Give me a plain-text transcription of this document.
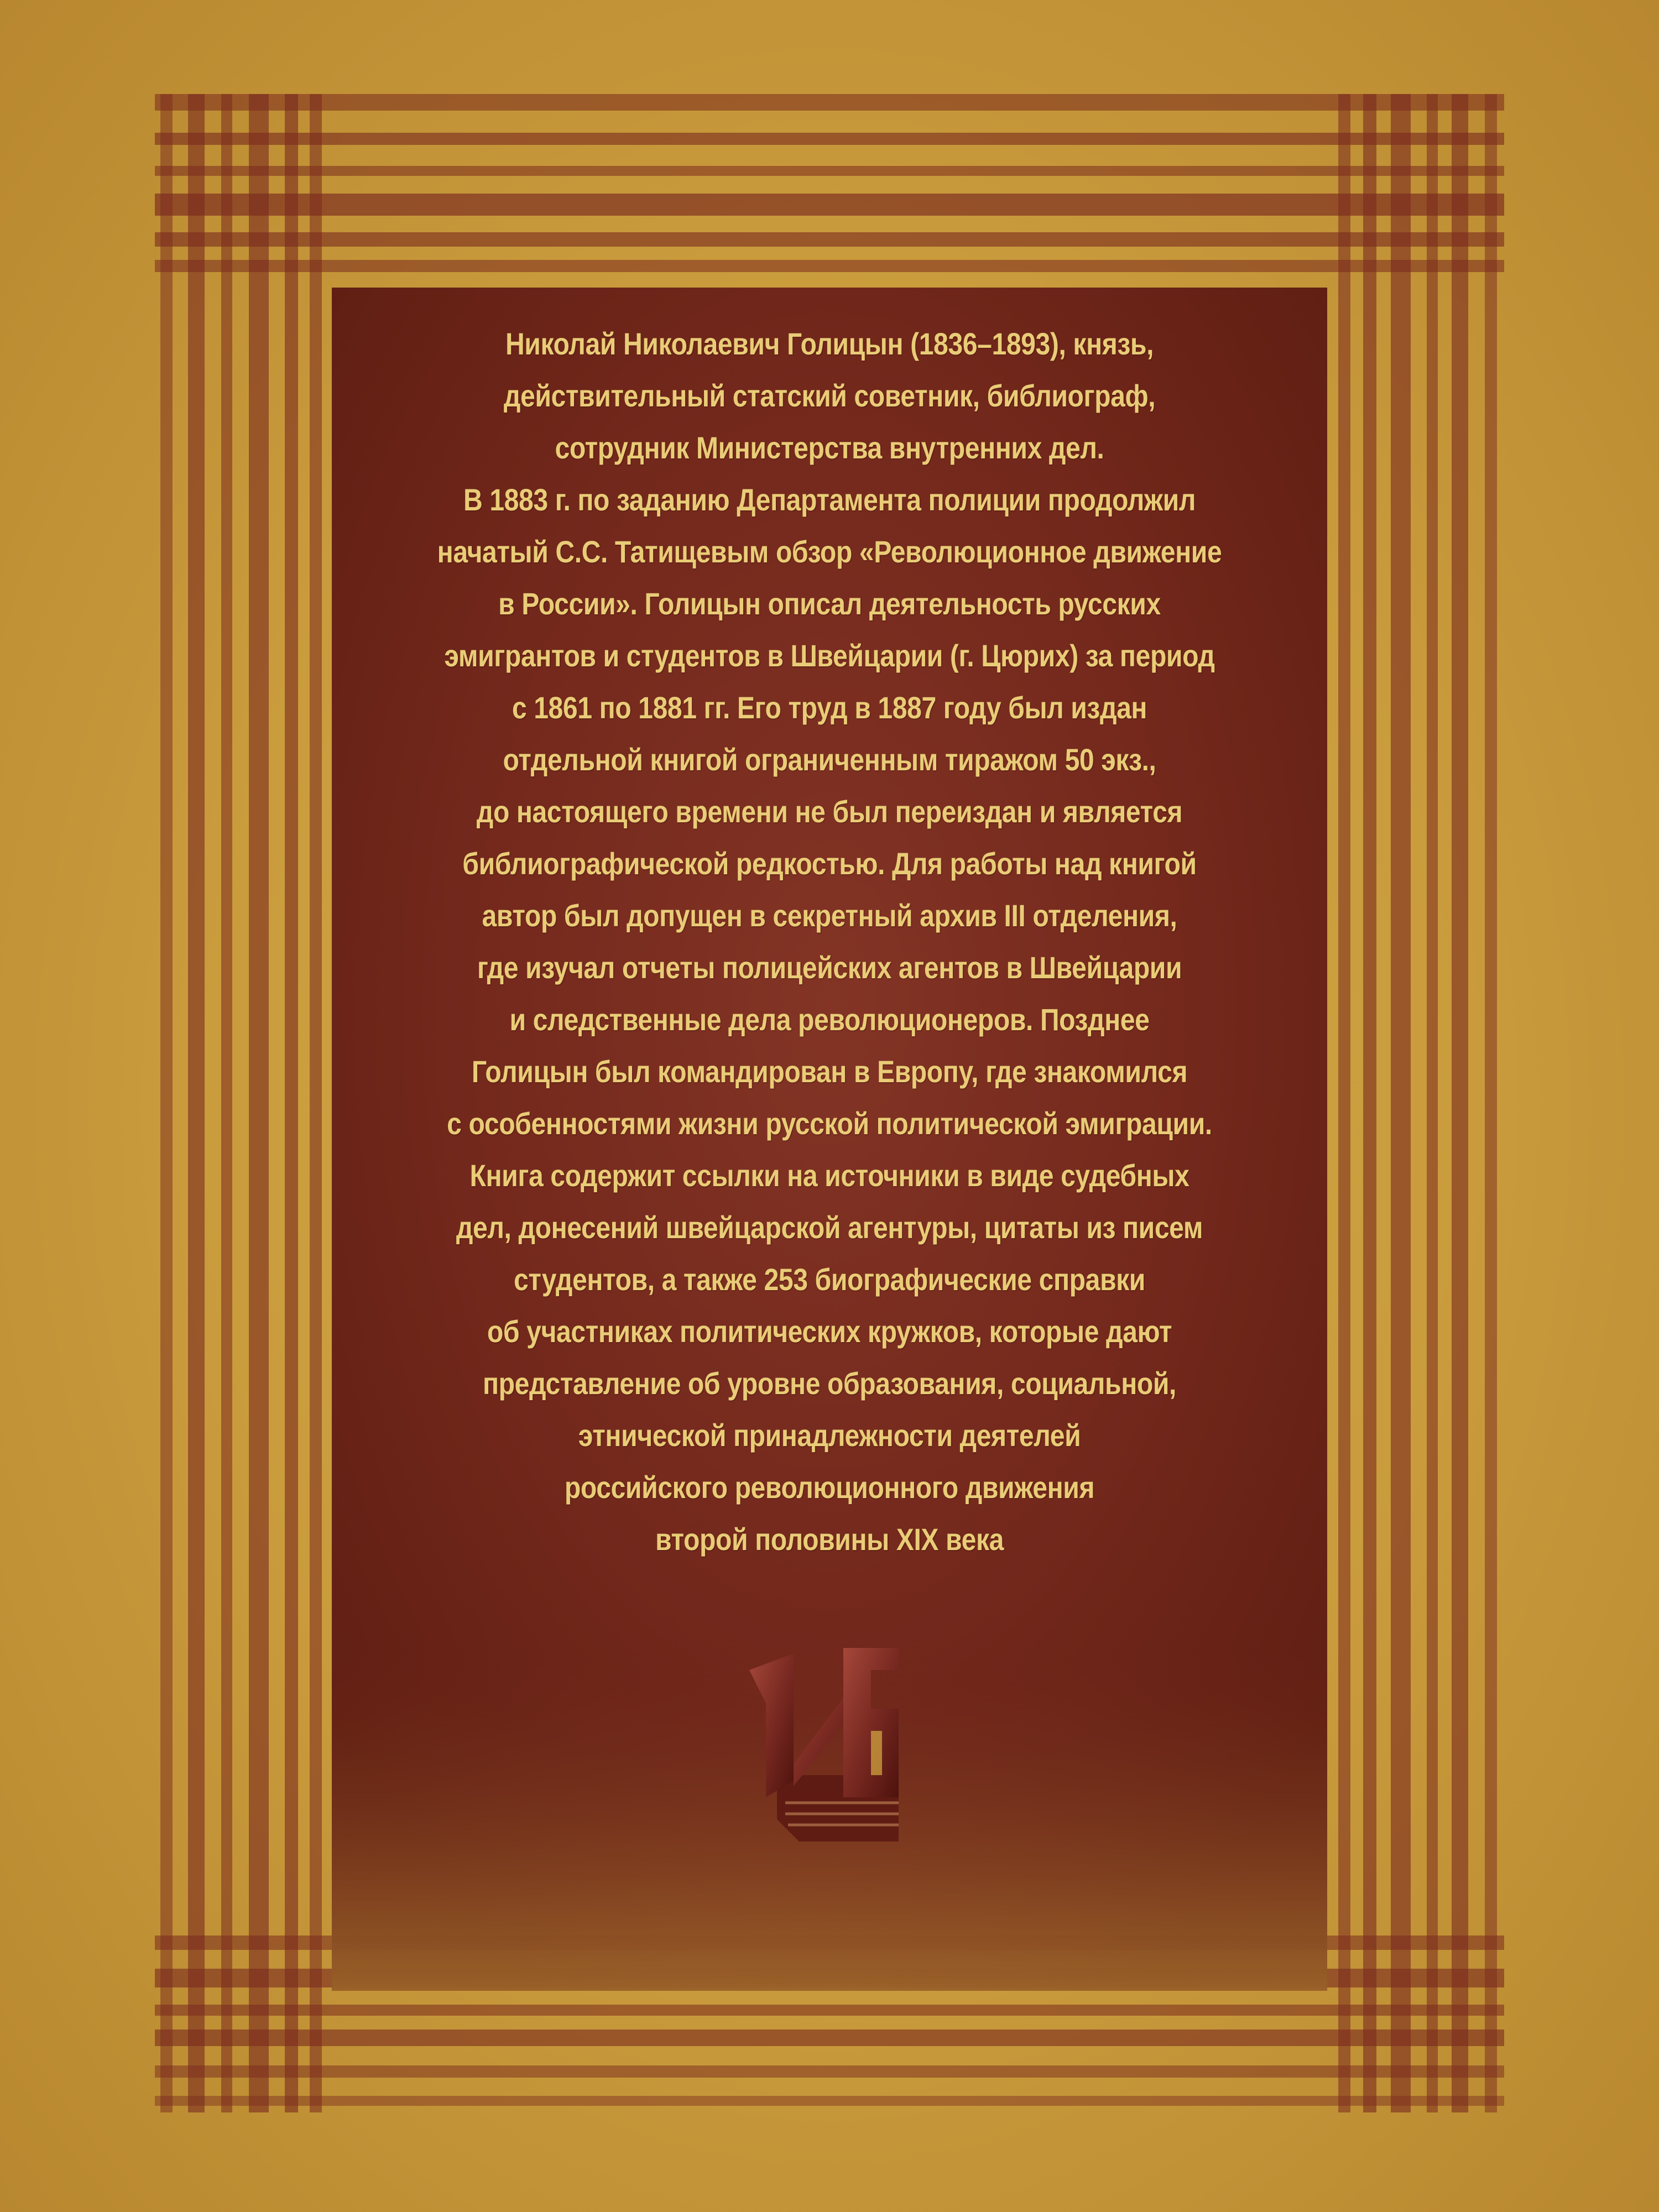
Николай Николаевич Голицын (1836–1893), князь,
действительный статский советник, библиограф,
сотрудник Министерства внутренних дел.
В 1883 г. по заданию Департамента полиции продолжил
начатый С.С. Татищевым обзор «Революционное движение
в России». Голицын описал деятельность русских
эмигрантов и студентов в Швейцарии (г. Цюрих) за период
с 1861 по 1881 гг. Его труд в 1887 году был издан
отдельной книгой ограниченным тиражом 50 экз.,
до настоящего времени не был переиздан и является
библиографической редкостью. Для работы над книгой
автор был допущен в секретный архив III отделения,
где изучал отчеты полицейских агентов в Швейцарии
и следственные дела революционеров. Позднее
Голицын был командирован в Европу, где знакомился
с особенностями жизни русской политической эмиграции.
Книга содержит ссылки на источники в виде судебных
дел, донесений швейцарской агентуры, цитаты из писем
студентов, а также 253 биографические справки
об участниках политических кружков, которые дают
представление об уровне образования, социальной,
этнической принадлежности деятелей
российского революционного движения
второй половины XIX века
